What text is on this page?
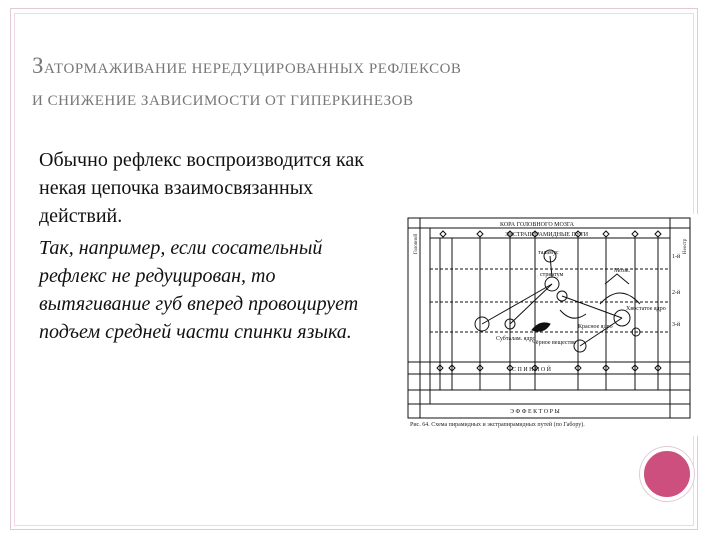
ЗАТОРМАЖИВАНИЕ НЕРЕДУЦИРОВАННЫХ РЕФЛЕКСОВ
И СНИЖЕНИЕ ЗАВИСИМОСТИ ОТ ГИПЕРКИНЕЗОВ
Обычно рефлекс воспроизводится как некая цепочка взаимосвязанных действий.
Так, например, если сосательный рефлекс не редуцирован, то вытягивание губ вперед провоцирует подъем средней части спинки языка.
КОРА ГОЛОВНОГО МОЗГА
ЭКСТРАПИРАМИДНЫЕ ПУТИ
С П И Н Н О Й
Э Ф Ф Е К Т О Р Ы
таламус
стриатум
Мозж.
Красное ядро
Чёрное вещество
Субталам. ядро
Хвостатое ядро
1-й
2-й
3-й
Головной	Неостр
Рис. 64. Схема пирамидных и экстрапирамидных путей (по Габору).
